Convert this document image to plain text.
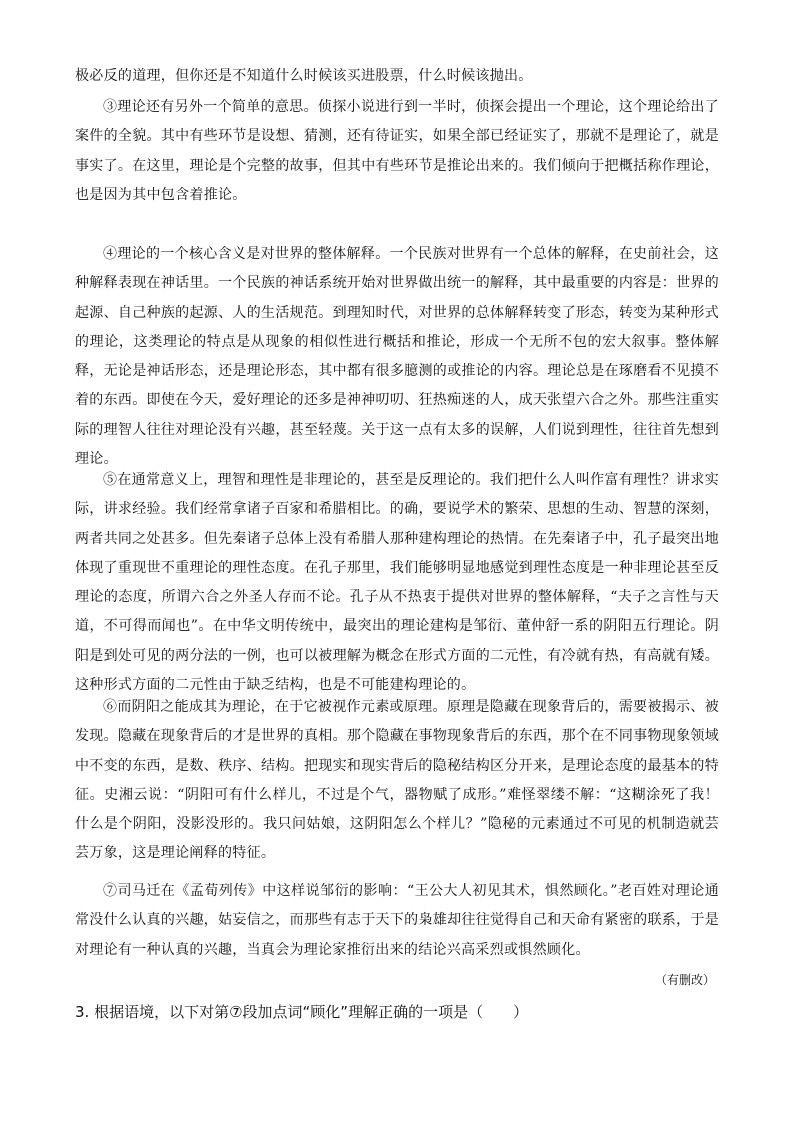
极必反的道理，但你还是不知道什么时候该买进股票，什么时候该抛出。

③理论还有另外一个简单的意思。侦探小说进行到一半时，侦探会提出一个理论，这个理论给出了案件的全貌。其中有些环节是设想、猜测，还有待证实，如果全部已经证实了，那就不是理论了，就是事实了。在这里，理论是个完整的故事，但其中有些环节是推论出来的。我们倾向于把概括称作理论，也是因为其中包含着推论。

④理论的一个核心含义是对世界的整体解释。一个民族对世界有一个总体的解释，在史前社会，这种解释表现在神话里。一个民族的神话系统开始对世界做出统一的解释，其中最重要的内容是：世界的起源、自己种族的起源、人的生活规范。到理知时代，对世界的总体解释转变了形态，转变为某种形式的理论，这类理论的特点是从现象的相似性进行概括和推论，形成一个无所不包的宏大叙事。整体解释，无论是神话形态，还是理论形态，其中都有很多臆测的或推论的内容。理论总是在琢磨看不见摸不着的东西。即使在今天，爱好理论的还多是神神叨叨、狂热痴迷的人，成天张望六合之外。那些注重实际的理智人往往对理论没有兴趣，甚至轻蔑。关于这一点有太多的误解，人们说到理性，往往首先想到理论。

⑤在通常意义上，理智和理性是非理论的，甚至是反理论的。我们把什么人叫作富有理性？讲求实际，讲求经验。我们经常拿诸子百家和希腊相比。的确，要说学术的繁荣、思想的生动、智慧的深刻，两者共同之处甚多。但先秦诸子总体上没有希腊人那种建构理论的热情。在先秦诸子中，孔子最突出地体现了重现世不重理论的理性态度。在孔子那里，我们能够明显地感觉到理性态度是一种非理论甚至反理论的态度，所谓六合之外圣人存而不论。孔子从不热衷于提供对世界的整体解释，“夫子之言性与天道，不可得而闻也”。在中华文明传统中，最突出的理论建构是邹衍、董仲舒一系的阴阳五行理论。阴阳是到处可见的两分法的一例，也可以被理解为概念在形式方面的二元性，有冷就有热，有高就有矮。这种形式方面的二元性由于缺乏结构，也是不可能建构理论的。

⑥而阴阳之能成其为理论，在于它被视作元素或原理。原理是隐藏在现象背后的，需要被揭示、被发现。隐藏在现象背后的才是世界的真相。那个隐藏在事物现象背后的东西，那个在不同事物现象领域中不变的东西，是数、秩序、结构。把现实和现实背后的隐秘结构区分开来，是理论态度的最基本的特征。史湘云说：“阴阳可有什么样儿，不过是个气，器物赋了成形。”难怪翠缕不解：“这糊涂死了我！什么是个阴阳，没影没形的。我只问姑娘，这阴阳怎么个样儿？”隐秘的元素通过不可见的机制造就芸芸万象，这是理论阐释的特征。

⑦司马迁在《孟荀列传》中这样说邹衍的影响：“王公大人初见其术，惧然顾化。”老百姓对理论通常没什么认真的兴趣，姑妄信之，而那些有志于天下的枭雄却往往觉得自己和天命有紧密的联系，于是对理论有一种认真的兴趣，当真会为理论家推衍出来的结论兴高采烈或惧然顾化。

（有删改）
3. 根据语境，以下对第⑦段加点词“顾化”理解正确的一项是（　　）
